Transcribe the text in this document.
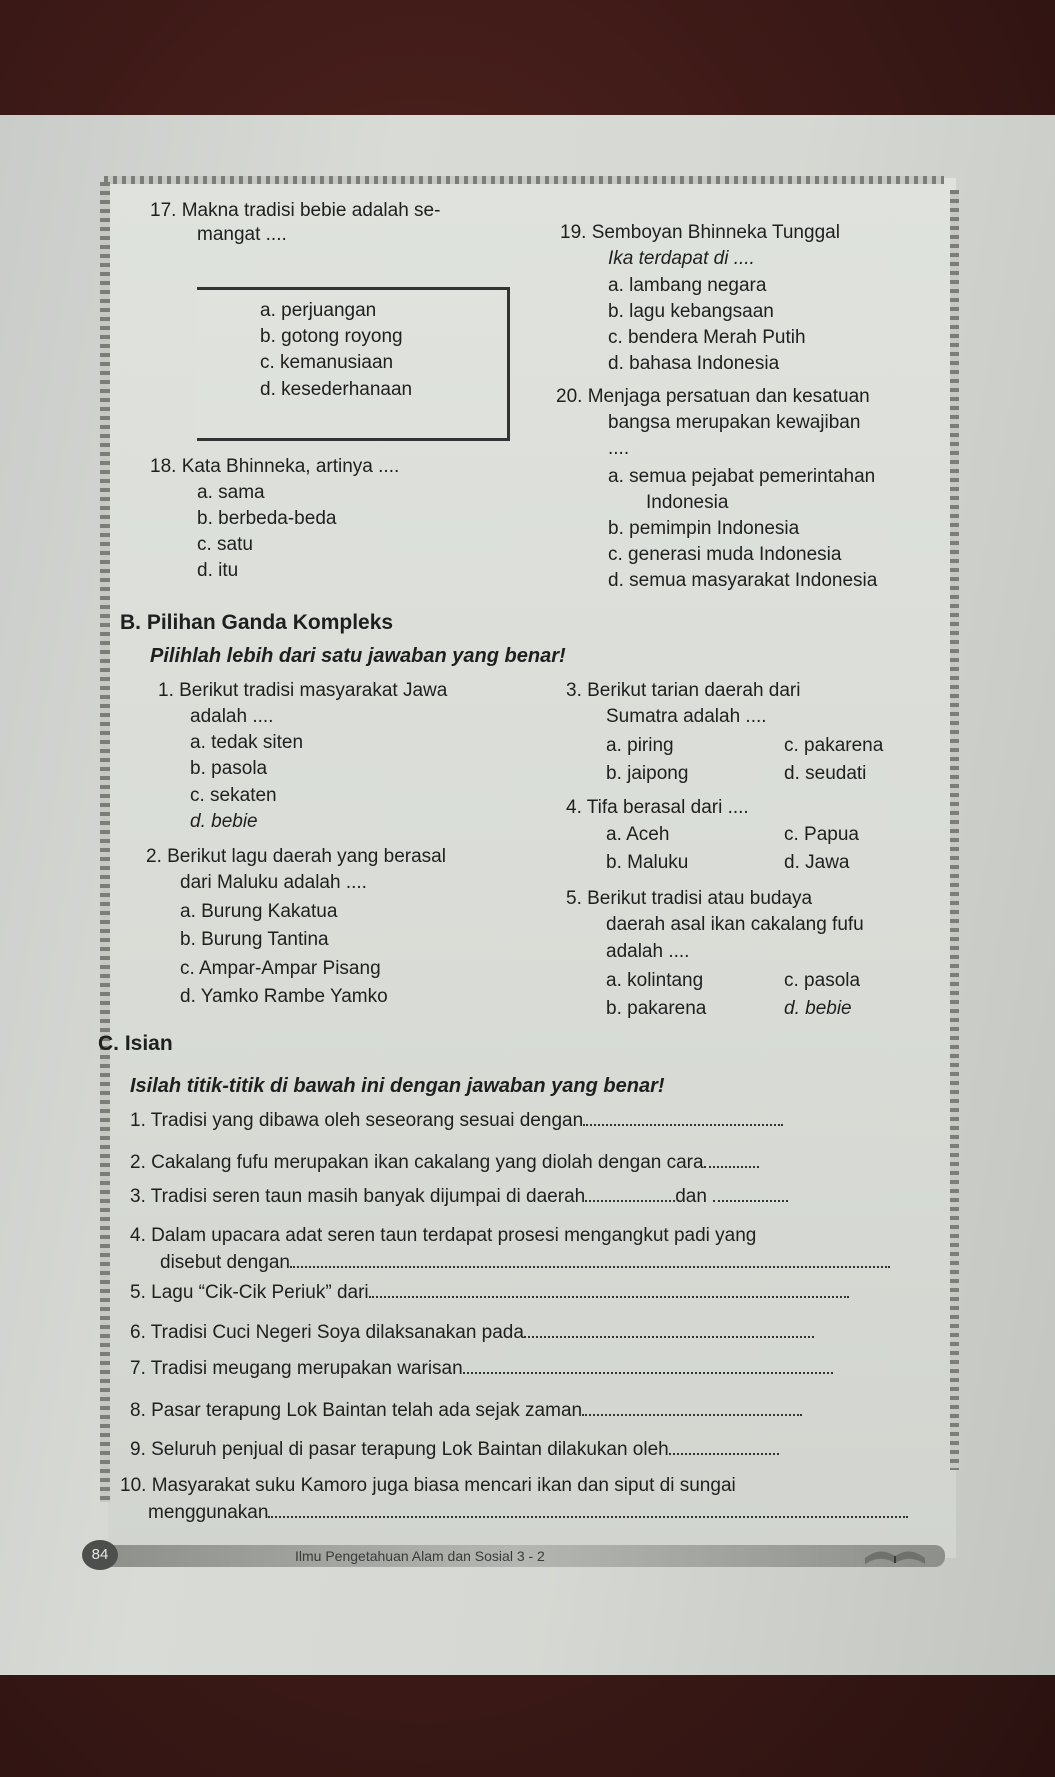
17. Makna tradisi bebie adalah se-
mangat ....
a. perjuangan
b. gotong royong
c. kemanusiaan
d. kesederhanaan
18. Kata Bhinneka, artinya ....
a. sama
b. berbeda-beda
c. satu
d. itu
19. Semboyan Bhinneka Tunggal
Ika terdapat di ....
a. lambang negara
b. lagu kebangsaan
c. bendera Merah Putih
d. bahasa Indonesia
20. Menjaga persatuan dan kesatuan
bangsa merupakan kewajiban
....
a. semua pejabat pemerintahan
Indonesia
b. pemimpin Indonesia
c. generasi muda Indonesia
d. semua masyarakat Indonesia
B. Pilihan Ganda Kompleks
Pilihlah lebih dari satu jawaban yang benar!
1. Berikut tradisi masyarakat Jawa
adalah ....
a. tedak siten
b. pasola
c. sekaten
d. bebie
2. Berikut lagu daerah yang berasal
dari Maluku adalah ....
a. Burung Kakatua
b. Burung Tantina
c. Ampar-Ampar Pisang
d. Yamko Rambe Yamko
3. Berikut tarian daerah dari
Sumatra adalah ....
a. piring	c. pakarena
b. jaipong	d. seudati
4. Tifa berasal dari ....
a. Aceh	c. Papua
b. Maluku	d. Jawa
5. Berikut tradisi atau budaya
daerah asal ikan cakalang fufu
adalah ....
a. kolintang	c. pasola
b. pakarena	d. bebie
C. Isian
Isilah titik-titik di bawah ini dengan jawaban yang benar!
1. Tradisi yang dibawa oleh seseorang sesuai dengan
2. Cakalang fufu merupakan ikan cakalang yang diolah dengan cara
3. Tradisi seren taun masih banyak dijumpai di daerah	dan
4. Dalam upacara adat seren taun terdapat prosesi mengangkut padi yang
disebut dengan
5. Lagu “Cik-Cik Periuk” dari
6. Tradisi Cuci Negeri Soya dilaksanakan pada
7. Tradisi meugang merupakan warisan
8. Pasar terapung Lok Baintan telah ada sejak zaman
9. Seluruh penjual di pasar terapung Lok Baintan dilakukan oleh
10. Masyarakat suku Kamoro juga biasa mencari ikan dan siput di sungai
menggunakan
84	Ilmu Pengetahuan Alam dan Sosial 3 - 2
